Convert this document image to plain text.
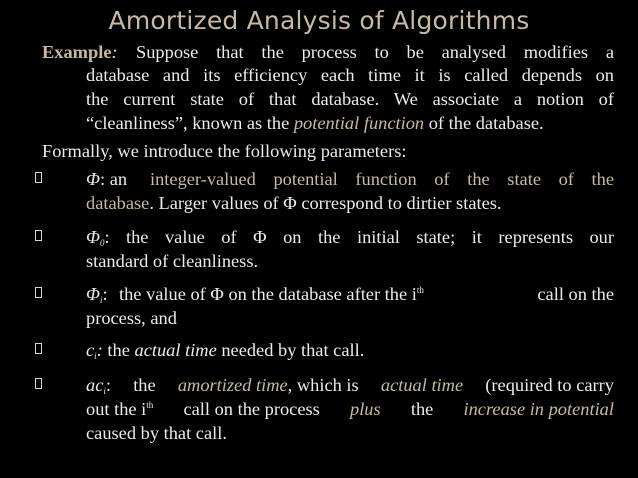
Amortized Analysis of Algorithms
Example: Suppose that the process to be analysed modifies a
database and its efficiency each time it is called depends on
the current state of that database. We associate a notion of
“cleanliness”, known as the potential function of the database.
Formally, we introduce the following parameters:
Φ: an integer-valued potential function of the state of the
database. Larger values of Φ correspond to dirtier states.
$\Phi_0$: the value of Φ on the initial state; it represents our
standard of cleanliness.
$\Phi_i$: the value of Φ on the database after the $i^{th}$	call on the
process, and
$c_i$: the actual time needed by that call.
$ac_i$: the amortized time, which is actual time (required to carry
out the $i^{th}$ call on the process plus the increase in potential
caused by that call.
